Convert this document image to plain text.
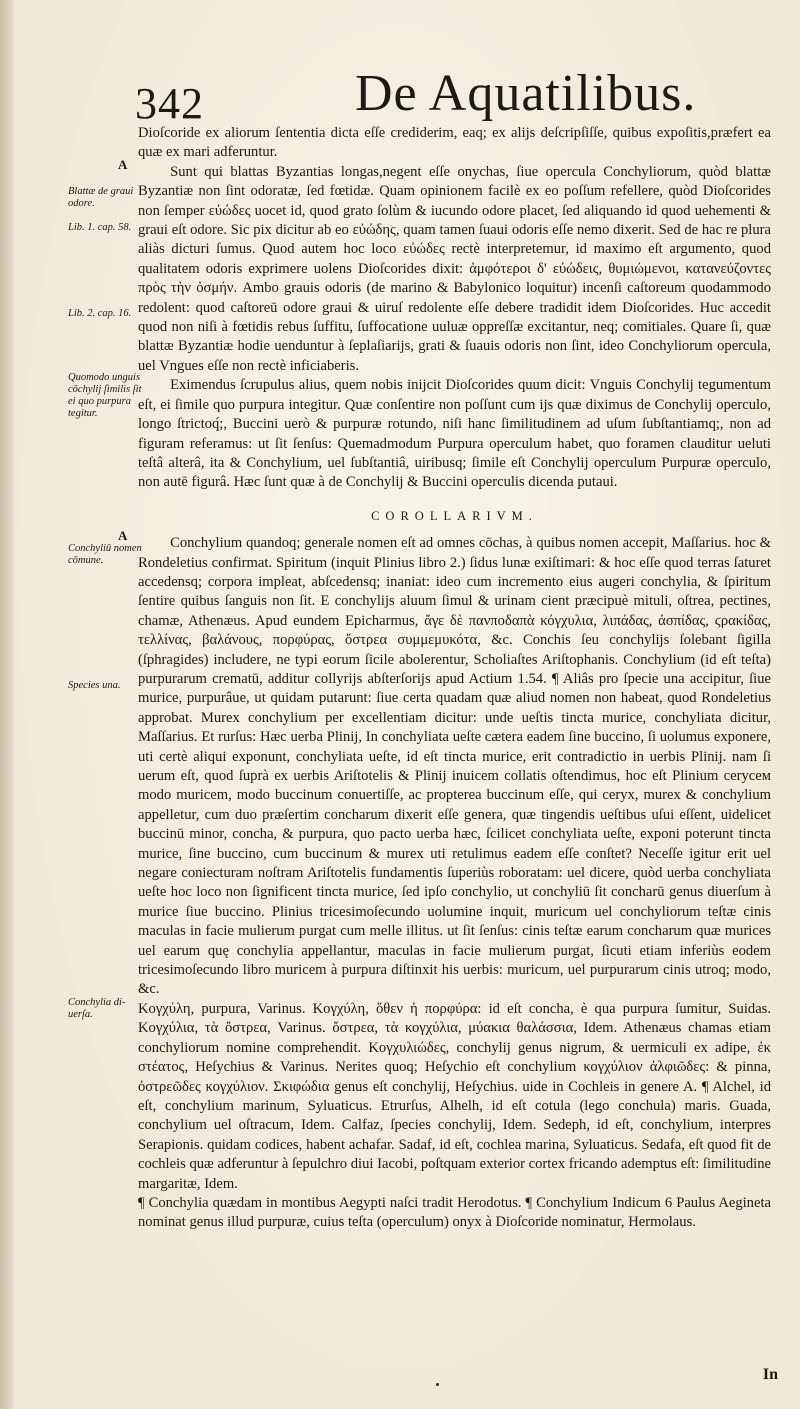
342	De Aquatilibus.
A
A
Blattæ de graui odore.
Lib. 1. cap. 58.
Lib. 2. cap. 16.
Quomodo unguis cōchylij ſimilis ſit ei quo purpura tegitur.
Conchyliū nomen cōmune.
Species una.
Conchylia diuerſa.

Dioſcoride ex aliorum ſententia dicta eſſe crediderim, eaq; ex alijs deſcripſiſſe, quibus expoſitis,præfert ea quæ ex mari adferuntur.

Sunt qui blattas Byzantias longas,negent eſſe onychas, ſiue opercula Conchyliorum, quòd blattæ Byzantiæ non ſint odoratæ, ſed fœtidæ. Quam opinionem facilè ex eo poſſum refellere, quòd Dioſcorides non ſemper εὐώδες uocet id, quod grato ſolùm & iucundo odore placet, ſed aliquando id quod uehementi & graui eſt odore. Sic pix dicitur ab eo εὐώδης, quam tamen ſuaui odoris eſſe nemo dixerit. Sed de hac re plura aliàs dicturi ſumus. Quod autem hoc loco εὐώδες rectè interpretemur, id maximo eſt argumento, quod qualitatem odoris exprimere uolens Dioſcorides dixit: ἀμφότεροι δ' εὐώδεις, θυμιώμενοι, κατανεύζοντες πρὸς τὴν ὀσμήν. Ambo grauis odoris (de marino & Babylonico loquitur) incenſi caſtoreum quodammodo redolent: quod caſtoreū odore graui & uiruſ redolente eſſe debere tradidit idem Dioſcorides. Huc accedit quod non niſi à fœtidis rebus ſuffitu, ſuffocatione uuluæ oppreſſæ excitantur, neq; comitiales. Quare ſi, quæ blattæ Byzantiæ hodie uenduntur à ſeplaſiarijs, grati & ſuauis odoris non ſint, ideo Conchyliorum opercula, uel Vngues eſſe non rectè inficiaberis.

Eximendus ſcrupulus alius, quem nobis inijcit Dioſcorides quum dicit: Vnguis Conchylij tegumentum eſt, ei ſimile quo purpura integitur. Quæ conſentire non poſſunt cum ijs quæ diximus de Conchylij operculo, longo ſtrictoq́;, Buccini uerò & purpuræ rotundo, niſi hanc ſimilitudinem ad uſum ſubſtantiamq;, non ad figuram referamus: ut ſit ſenſus: Quemadmodum Purpura operculum habet, quo foramen clauditur ueluti teſtâ alterâ, ita & Conchylium, uel ſubſtantiâ, uiribusq; ſimile eſt Conchylij operculum Purpuræ operculo, non autē figurâ. Hæc ſunt quæ à de Conchylij & Buccini operculis dicenda putaui.

COROLLARIVM.

Conchylium quandoq; generale nomen eſt ad omnes cōchas, à quibus nomen accepit, Maſſarius. hoc & Rondeletius confirmat. Spiritum (inquit Plinius libro 2.) ſidus lunæ exiſtimari: & hoc eſſe quod terras ſaturet accedensq; corpora impleat, abſcedensq; inaniat: ideo cum incremento eius augeri conchylia, & ſpiritum ſentire quibus ſanguis non ſit. E conchylijs aluum ſimul & urinam cient præcipuè mituli, oſtrea, pectines, chamæ, Athenæus. Apud eundem Epicharmus, ἄγε δὲ πανποδαπὰ κόγχυλια, λιπάδας, ἀσπίδας, ϛρακίδας, τελλίνας, βαλάνους, πορφύρας, ὄστρεα συμμεμυκότα, &c. Conchis ſeu conchylijs ſolebant ſigilla (ſphragides) includere, ne typi eorum ſicile abolerentur, Scholiaſtes Ariſtophanis. Conchylium (id eſt teſta) purpurarum crematū, additur collyrijs abſterſorijs apud Actium 1.54. ¶ Aliâs pro ſpecie una accipitur, ſiue murice, purpurâue, ut quidam putarunt: ſiue certa quadam quæ aliud nomen non habeat, quod Rondeletius approbat. Murex conchylium per excellentiam dicitur: unde ueſtis tincta murice, conchyliata dicitur, Maſſarius. Et rurſus: Hæc uerba Plinij, In conchyliata ueſte cætera eadem ſine buccino, ſi uolumus exponere, uti certè aliqui exponunt, conchyliata ueſte, id eſt tincta murice, erit contradictio in uerbis Plinij. nam ſi uerum eſt, quod ſuprà ex uerbis Ariſtotelis & Plinij inuicem collatis oſtendimus, hoc eſt Plinium ceryceм modo muricem, modo buccinum conuertiſſe, ac propterea buccinum eſſe, qui ceryx, murex & conchylium appelletur, cum duo præſertim concharum dixerit eſſe genera, quæ tingendis ueſtibus uſui eſſent, uidelicet buccinū minor, concha, & purpura, quo pacto uerba hæc, ſcilicet conchyliata ueſte, exponi poterunt tincta murice, ſine buccino, cum buccinum & murex uti retulimus eadem eſſe conſtet? Neceſſe igitur erit uel negare coniecturam noſtram Ariſtotelis fundamentis ſuperiùs roboratam: uel dicere, quòd uerba conchyliata ueſte hoc loco non ſignificent tincta murice, ſed ipſo conchylio, ut conchyliū ſit concharū genus diuerſum à murice ſiue buccino. Plinius tricesimoſecundo uolumine inquit, muricum uel conchyliorum teſtæ cinis maculas in facie mulierum purgat cum melle illitus. ut ſit ſenſus: cinis teſtæ earum concharum quæ murices uel earum quę conchylia appellantur, maculas in facie mulierum purgat, ſicuti etiam inferiùs eodem tricesimoſecundo libro muricem à purpura diſtinxit his uerbis: muricum, uel purpurarum cinis utroq; modo, &c.

Κογχύλη, purpura, Varinus. Κογχύλη, ὅθεν ἡ πορφύρα: id eſt concha, è qua purpura ſumitur, Suidas. Κογχύλια, τὰ ὄστρεα, Varinus. ὄστρεα, τὰ κογχύλια, μύακια θαλάσσια, Idem. Athenæus chamas etiam conchyliorum nomine comprehendit. Κογχυλιώδες, conchylij genus nigrum, & uermiculi ex adipe, ἐκ στέατος, Heſychius & Varinus. Nerites quoq; Heſychio eſt conchylium κογχύλιον ἀλφιῶδες: & pinna, ὀστρεῶδες κογχύλιον. Σκιφώδια genus eſt conchylij, Heſychius. uide in Cochleis in genere A. ¶ Alchel, id eſt, conchylium marinum, Syluaticus. Etrurſus, Alhelh, id eſt cotula (lego conchula) maris. Guada, conchylium uel oſtracum, Idem. Calfaz, ſpecies conchylij, Idem. Sedeph, id eſt, conchylium, interpres Serapionis. quidam codices, habent achafar. Sadaf, id eſt, cochlea marina, Syluaticus. Sedafa, eſt quod fit de cochleis quæ adferuntur à ſepulchro diui Iacobi, poſtquam exterior cortex fricando ademptus eſt: ſimilitudine margaritæ, Idem.

¶ Conchylia quædam in montibus Aegypti naſci tradit Herodotus. ¶ Conchylium Indicum 6 Paulus Aegineta nominat genus illud purpuræ, cuius teſta (operculum) onyx à Dioſcoride nominatur, Hermolaus.

In
